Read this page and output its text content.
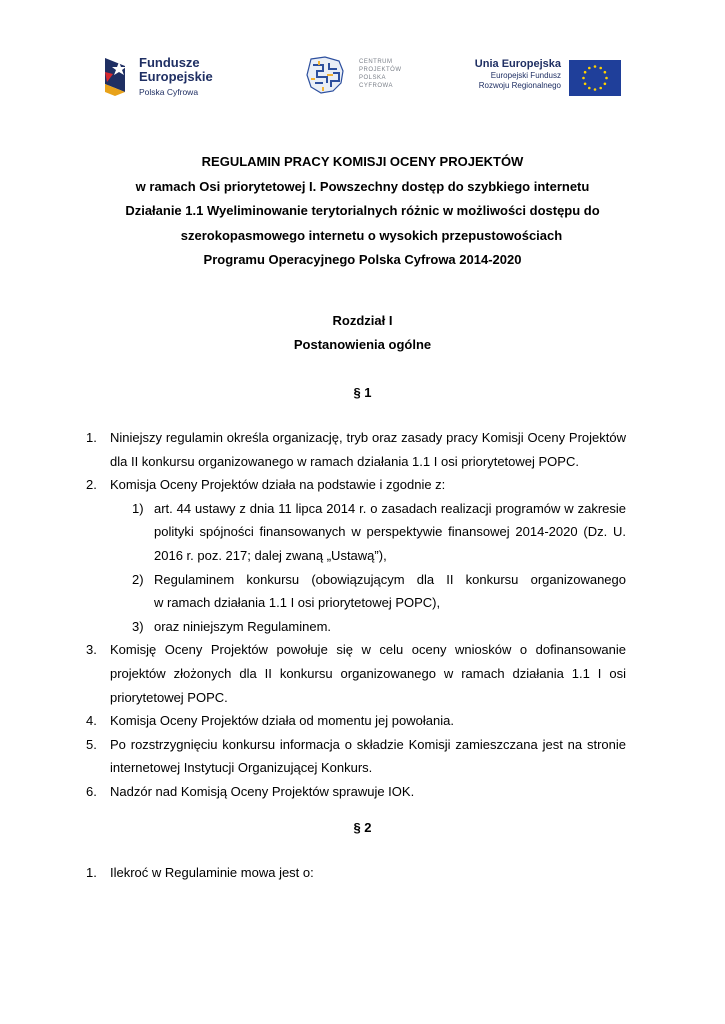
Fundusze
Europejskie
Polska Cyfrowa
CENTRUM
PROJEKTÓW
POLSKA
CYFROWA
Unia Europejska
Europejski Fundusz
Rozwoju Regionalnego
REGULAMIN PRACY KOMISJI OCENY PROJEKTÓW
w ramach Osi priorytetowej I. Powszechny dostęp do szybkiego internetu
Działanie 1.1 Wyeliminowanie terytorialnych różnic w możliwości dostępu do
szerokopasmowego internetu o wysokich przepustowościach
Programu Operacyjnego Polska Cyfrowa 2014-2020
Rozdział I
Postanowienia ogólne
§ 1
1. Niniejszy regulamin określa organizację, tryb oraz zasady pracy Komisji Oceny Projektów
dla II konkursu organizowanego w ramach działania 1.1 I osi priorytetowej POPC.
2. Komisja Oceny Projektów działa na podstawie i zgodnie z:
1) art. 44 ustawy z dnia 11 lipca 2014 r. o zasadach realizacji programów w zakresie
polityki spójności finansowanych w perspektywie finansowej 2014-2020 (Dz. U.
2016 r. poz. 217; dalej zwaną „Ustawą”),
2) Regulaminem konkursu (obowiązującym dla II konkursu organizowanego
w ramach działania 1.1 I osi priorytetowej POPC),
3) oraz niniejszym Regulaminem.
3. Komisję Oceny Projektów powołuje się w celu oceny wniosków o dofinansowanie
projektów złożonych dla II konkursu organizowanego w ramach działania 1.1 I osi
priorytetowej POPC.
4. Komisja Oceny Projektów działa od momentu jej powołania.
5. Po rozstrzygnięciu konkursu informacja o składzie Komisji zamieszczana jest na stronie
internetowej Instytucji Organizującej Konkurs.
6. Nadzór nad Komisją Oceny Projektów sprawuje IOK.
§ 2
1. Ilekroć w Regulaminie mowa jest o:
